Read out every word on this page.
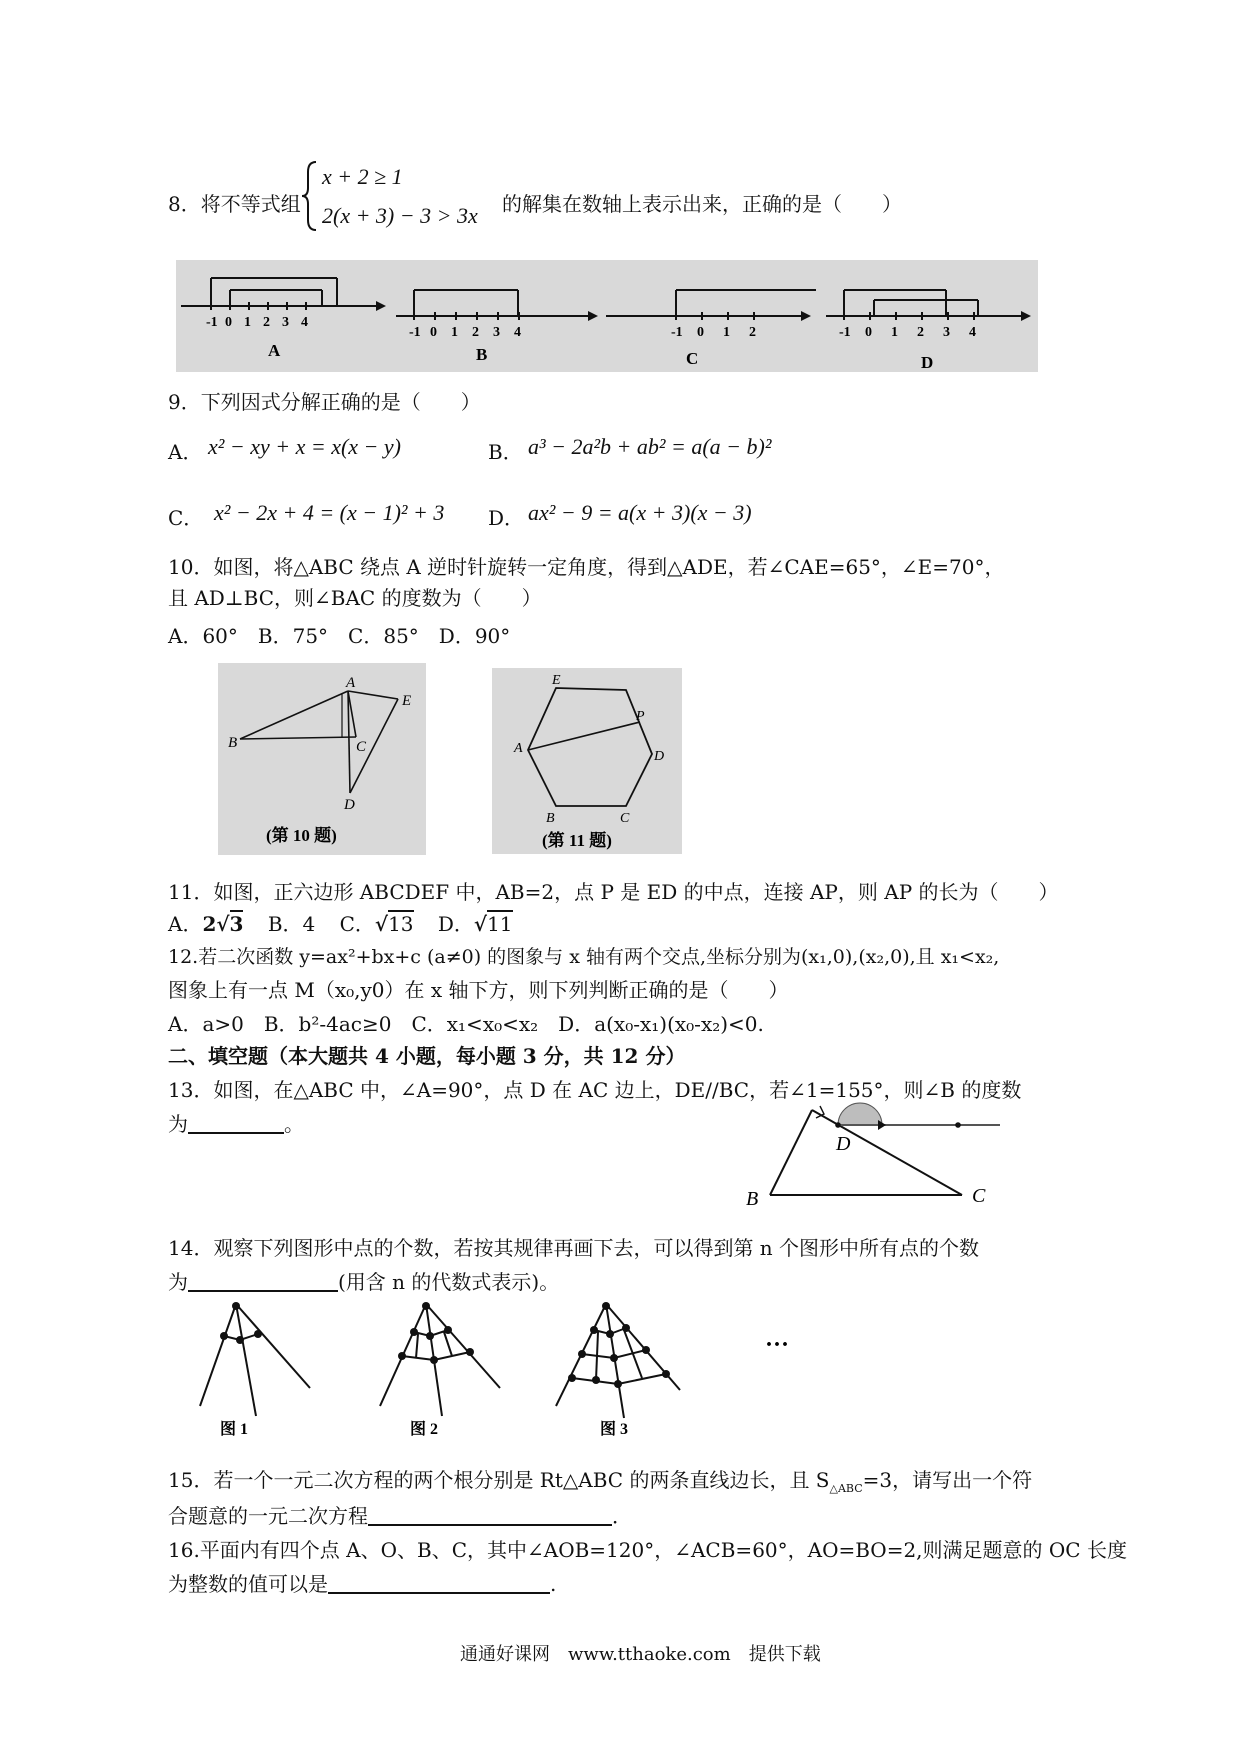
8．将不等式组
x + 2 ≥ 1
2(x + 3) − 3 > 3x 的解集在数轴上表示出来，正确的是（　　）
-1 0 1 2 3 4
-1 0 1 2 3 4	-1 0 1 2	-1 0 1 2 3 4
A	B	C	D
9．下列因式分解正确的是（　　）
A． x² − xy + x = x(x − y)	B． a³ − 2a²b + ab² = a(a − b)²
C． x² − 2x + 4 = (x − 1)² + 3 D． ax² − 9 = a(x + 3)(x − 3)
10．如图，将△ABC 绕点 A 逆时针旋转一定角度，得到△ADE，若∠CAE=65°，∠E=70°，
且 AD⊥BC，则∠BAC 的度数为（　　）
A．60°　B．75°　C．85°　D．90°
A
B	C
D
E
(第 10 题)
E
P
D
A
B	C
(第 11 题)
11．如图，正六边形 ABCDEF 中，AB=2，点 P 是 ED 的中点，连接 AP，则 AP 的长为（　　）
A．2√3 B．4 C．√13 D．√11
12.若二次函数 y=ax²+bx+c (a≠0) 的图象与 x 轴有两个交点,坐标分别为(x₁,0),(x₂,0),且 x₁<x₂,
图象上有一点 M（x₀,y0）在 x 轴下方，则下列判断正确的是（　　）
A．a>0　B．b²-4ac≥0　C．x₁<x₀<x₂　D．a(x₀-x₁)(x₀-x₂)<0.
二、填空题（本大题共 4 小题，每小题 3 分，共 12 分）
13．如图，在△ABC 中，∠A=90°，点 D 在 AC 边上，DE//BC，若∠1=155°，则∠B 的度数
为	。
D
B	C
14．观察下列图形中点的个数，若按其规律再画下去，可以得到第 n 个图形中所有点的个数
为	(用含 n 的代数式表示)。
图 1	图 2	图 3
···
15．若一个一元二次方程的两个根分别是 Rt△ABC 的两条直线边长，且 $S_{\triangle ABC}=3$，请写出一个符
合题意的一元二次方程	．
16.平面内有四个点 A、O、B、C，其中∠AOB=120°，∠ACB=60°，AO=BO=2,则满足题意的 OC 长度
为整数的值可以是	.
通通好课网　www.tthaoke.com　提供下载
